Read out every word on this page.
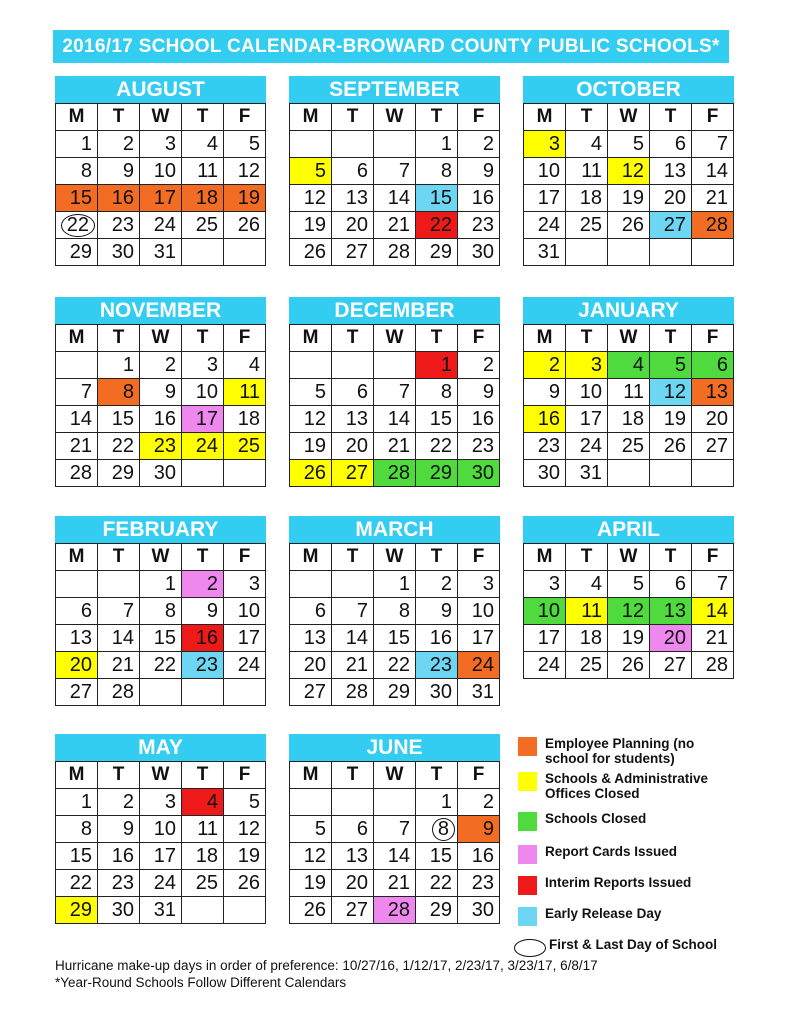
2016/17 SCHOOL CALENDAR-BROWARD COUNTY PUBLIC SCHOOLS*
AUGUST
M	T	W	T	F
1	2	3	4	5
8	9	10	11	12
15	16	17	18	19
22	23	24	25	26
29	30	31		
SEPTEMBER
M	T	W	T	F
			1	2
5	6	7	8	9
12	13	14	15	16
19	20	21	22	23
26	27	28	29	30
OCTOBER
M	T	W	T	F
3	4	5	6	7
10	11	12	13	14
17	18	19	20	21
24	25	26	27	28
31				
NOVEMBER
M	T	W	T	F
	1	2	3	4
7	8	9	10	11
14	15	16	17	18
21	22	23	24	25
28	29	30		
DECEMBER
M	T	W	T	F
			1	2
5	6	7	8	9
12	13	14	15	16
19	20	21	22	23
26	27	28	29	30
JANUARY
M	T	W	T	F
2	3	4	5	6
9	10	11	12	13
16	17	18	19	20
23	24	25	26	27
30	31			
FEBRUARY
M	T	W	T	F
		1	2	3
6	7	8	9	10
13	14	15	16	17
20	21	22	23	24
27	28			
MARCH
M	T	W	T	F
		1	2	3
6	7	8	9	10
13	14	15	16	17
20	21	22	23	24
27	28	29	30	31
APRIL
M	T	W	T	F
3	4	5	6	7
10	11	12	13	14
17	18	19	20	21
24	25	26	27	28
MAY
M	T	W	T	F
1	2	3	4	5
8	9	10	11	12
15	16	17	18	19
22	23	24	25	26
29	30	31		
JUNE
M	T	W	T	F
			1	2
5	6	7	8	9
12	13	14	15	16
19	20	21	22	23
26	27	28	29	30
Employee Planning (no school for students)
Schools & Administrative Offices Closed
Schools Closed
Report Cards Issued
Interim Reports Issued
Early Release Day
First & Last Day of School
Hurricane make-up days in order of preference: 10/27/16, 1/12/17, 2/23/17, 3/23/17, 6/8/17
*Year-Round Schools Follow Different Calendars
